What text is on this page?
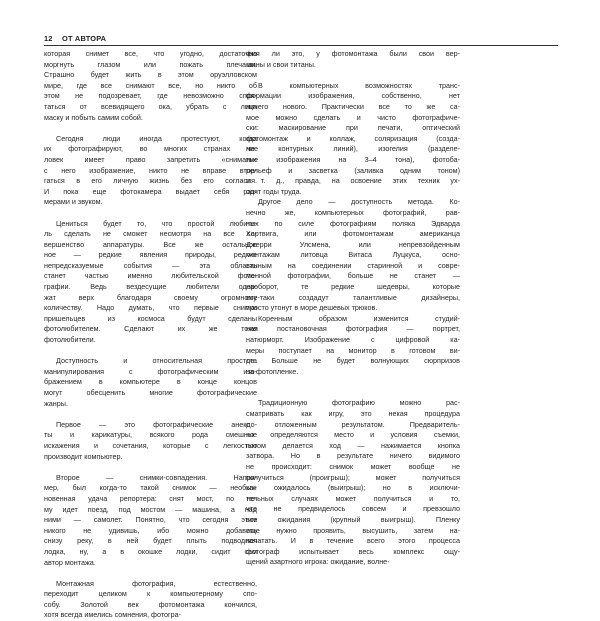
12 ОТ АВТОРА

которая снимет все, что угодно, достаточно

моргнуть глазом или пожать плечами.

Страшно будет жить в этом оруэлловском

мире, где все снимают все, но никто об

этом не подозревает, где невозможно спря-

таться от всевидящего ока, убрать с лица

маску и побыть самим собой.

Сегодня люди иногда протестуют, когда

их фотографируют, во многих странах че-

ловек имеет право запретить «снимать»

с него изображение, никто не вправе втор-

гаться в его личную жизнь без его согласия.

И пока еще фотокамера выдает себя раз-

мерами и звуком.

Цениться будет то, что простой любите-

ль сделать не сможет несмотря на все со-

вершенство аппаратуры. Все же остальное

ное — редкие явления природы, редкие

непредсказуемые события — эта область

станет частью именно любительской фото-

графии. Ведь вездесущие любители одер-

жат верх благодаря своему огромному

количеству. Надо думать, что первые снимки

пришельцев из космоса будут сделаны

фотолюбителем. Сделают их же тоже

фотолюбители.

Доступность и относительная простота

манипулирования с фотографическим изо-

бражением в компьютере в конце концов

могут обесценить многие фотографические

жанры.

Первое — это фотографические анекдо-

ты и карикатуры, всякого рода смешные

искажения и сочетания, которые с легкостью

производит компьютер.

Второе — снимки-совпадения. Напри-

мер, был когда-то такой снимок — необык-

новенная удача репортера: снят мост, по не-

му идет поезд, под мостом — машина, а над

ними — самолет. Понятно, что сегодня этим

никого не удивишь, ибо можно добавить

снизу реку, в ней будет плыть подводная

лодка, ну, а в окошке лодки, сидит сам

автор монтажа.

Монтажная фотография, естественно,

переходит целиком к компьютерному спо-

собу. Золотой век фотомонтажа кончился,

хотя всегда имелись сомнения, фотогра-

фия ли это, у фотомонтажа были свои вер-

шины и свои титаны.

В компьютерных возможностях транс-

формации изображения, собственно, нет

ничего нового. Практически все то же са-

мое можно сделать и чисто фотографиче-

ски: маскирование при печати, оптический

фотомонтаж и коллаж, соляризация (созда-

ние контурных линий), изогелия (разделе-

ние изображения на 3–4 тона), фотоба-

рельеф и засветка (заливка одним тоном)

и т. д., правда, на освоение этих техник ух-

одят годы труда.

Другое дело — доступность метода. Ко-

нечно же, компьютерных фотографий, рав-

ных по силе фотографиям поляка Эдварда

Хартвига, или фотомонтажам американца

Джерри Улсмена, или непревзойденным

монтажам литовца Витаса Луцкуса, осно-

ванным на соединении старинной и совре-

менной фотографии, больше не станет —

наоборот, те редкие шедевры, которые

все-таки создадут талантливые дизайнеры,

просто утонут в море дешевых трюков.

Коренным образом изменится студий-

ная постановочная фотография — портрет,

натюрморт. Изображение с цифровой ка-

меры поступает на монитор в готовом ви-

де. Больше не будет волнующих сюрпризов

на фотопленке.

Традиционную фотографию можно рас-

сматривать как игру, это некая процедура

с отложенным результатом. Предваритель-

но определяются место и условия съемки,

потом делается ход — нажимается кнопка

затвора. Но в результате ничего видимого

не происходит: снимок может вообще не

получиться (проигрыш); может получиться

как ожидалось (выигрыш); но в исключи-

тельных случаях может получиться и то,

что не предвиделось совсем и превзошло

все ожидания (крупный выигрыш). Пленку

еще нужно проявить, высушить, затем на-

печатать. И в течение всего этого процесса

фотограф испытывает весь комплекс ощу-

щений азартного игрока: ожидание, волне-
